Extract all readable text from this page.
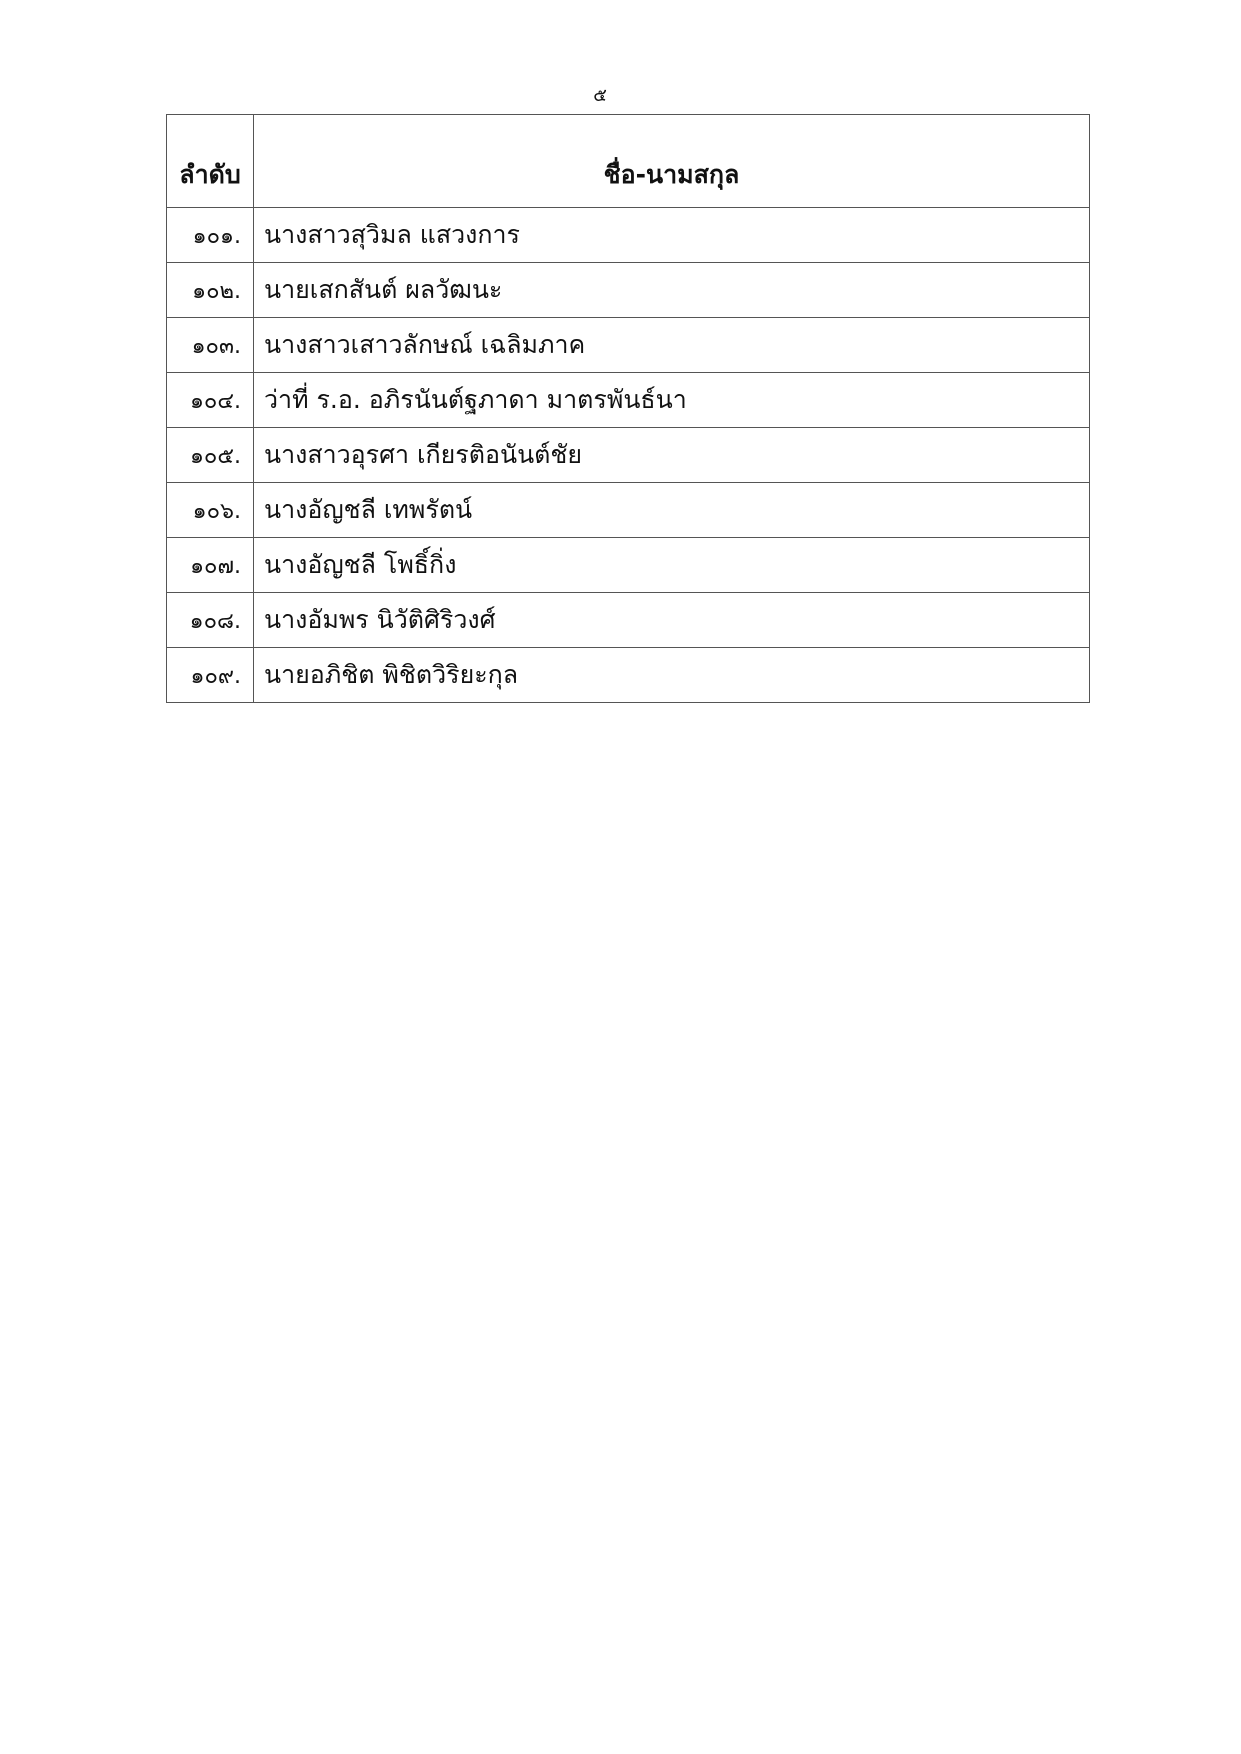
๕
ลำดับ	ชื่อ-นามสกุล
๑๐๑.	นางสาวสุวิมล แสวงการ
๑๐๒.	นายเสกสันต์ ผลวัฒนะ
๑๐๓.	นางสาวเสาวลักษณ์ เฉลิมภาค
๑๐๔.	ว่าที่ ร.อ. อภิรนันต์ฐภาดา มาตรพันธ์นา
๑๐๕.	นางสาวอุรศา เกียรติอนันต์ชัย
๑๐๖.	นางอัญชลี เทพรัตน์
๑๐๗.	นางอัญชลี โพธิ์กิ่ง
๑๐๘.	นางอัมพร นิวัติศิริวงศ์
๑๐๙.	นายอภิชิต พิชิตวิริยะกุล
